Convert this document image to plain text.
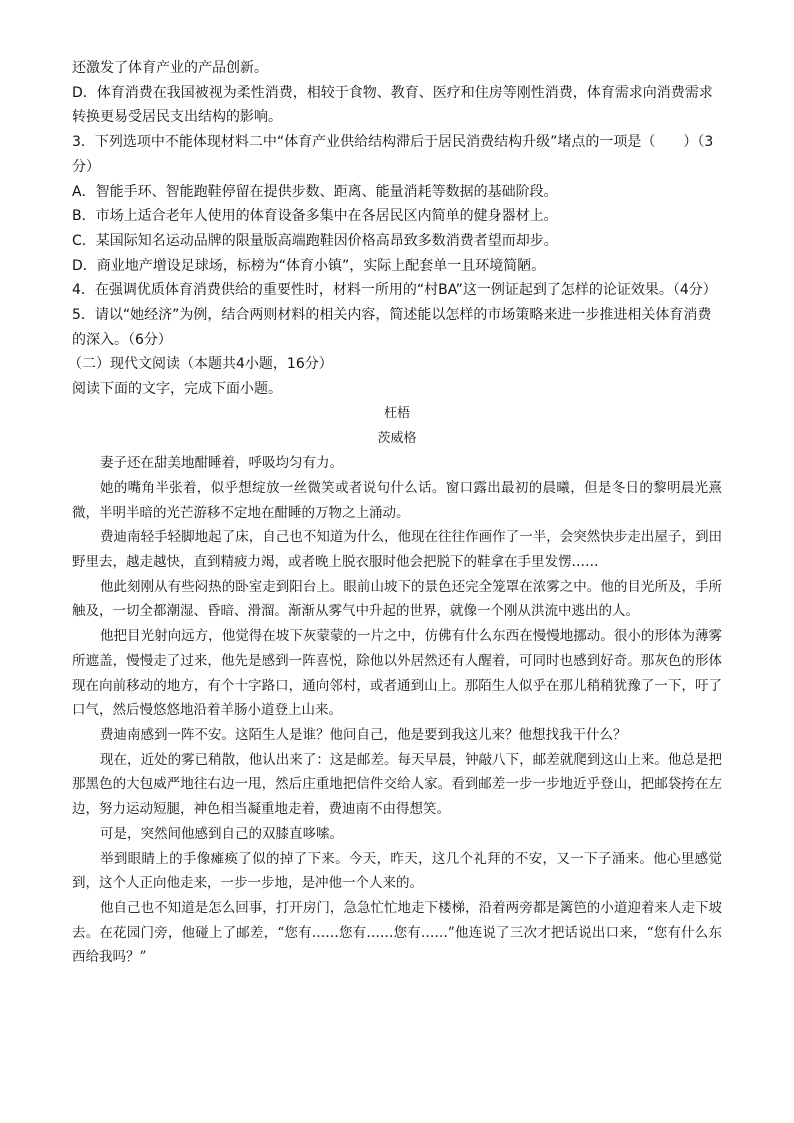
还激发了体育产业的产品创新。

D．体育消费在我国被视为柔性消费，相较于食物、教育、医疗和住房等刚性消费，体育需求向消费需求转换更易受居民支出结构的影响。

3．下列选项中不能体现材料二中“体育产业供给结构滞后于居民消费结构升级”堵点的一项是（　　）（3分）

A．智能手环、智能跑鞋停留在提供步数、距离、能量消耗等数据的基础阶段。

B．市场上适合老年人使用的体育设备多集中在各居民区内简单的健身器材上。

C．某国际知名运动品牌的限量版高端跑鞋因价格高昂致多数消费者望而却步。

D．商业地产增设足球场，标榜为“体育小镇”，实际上配套单一且环境简陋。

4．在强调优质体育消费供给的重要性时，材料一所用的“村BA”这一例证起到了怎样的论证效果。（4分）

5．请以“她经济”为例，结合两则材料的相关内容，简述能以怎样的市场策略来进一步推进相关体育消费的深入。（6分）

（二）现代文阅读（本题共4小题，16分）

阅读下面的文字，完成下面小题。

枉梧

茨威格

妻子还在甜美地酣睡着，呼吸均匀有力。

她的嘴角半张着，似乎想绽放一丝微笑或者说句什么话。窗口露出最初的晨曦，但是冬日的黎明晨光熹微，半明半暗的光芒游移不定地在酣睡的万物之上涌动。

费迪南轻手轻脚地起了床，自己也不知道为什么，他现在往往作画作了一半，会突然快步走出屋子，到田野里去，越走越快，直到精疲力竭，或者晚上脱衣服时他会把脱下的鞋拿在手里发愣……

他此刻刚从有些闷热的卧室走到阳台上。眼前山坡下的景色还完全笼罩在浓雾之中。他的目光所及，手所触及，一切全都潮湿、昏暗、滑溜。渐渐从雾气中升起的世界，就像一个刚从洪流中逃出的人。

他把目光射向远方，他觉得在坡下灰蒙蒙的一片之中，仿佛有什么东西在慢慢地挪动。很小的形体为薄雾所遮盖，慢慢走了过来，他先是感到一阵喜悦，除他以外居然还有人醒着，可同时也感到好奇。那灰色的形体现在向前移动的地方，有个十字路口，通向邻村，或者通到山上。那陌生人似乎在那儿稍稍犹豫了一下，吁了口气，然后慢悠悠地沿着羊肠小道登上山来。

费迪南感到一阵不安。这陌生人是谁？他问自己，他是要到我这儿来？他想找我干什么？

现在，近处的雾已稍散，他认出来了：这是邮差。每天早晨，钟敲八下，邮差就爬到这山上来。他总是把那黑色的大包威严地往右边一甩，然后庄重地把信件交给人家。看到邮差一步一步地近乎登山，把邮袋挎在左边，努力运动短腿，神色相当凝重地走着，费迪南不由得想笑。

可是，突然间他感到自己的双膝直哆嗦。

举到眼睛上的手像瘫痪了似的掉了下来。今天，昨天，这几个礼拜的不安，又一下子涌来。他心里感觉到，这个人正向他走来，一步一步地，是冲他一个人来的。

他自己也不知道是怎么回事，打开房门，急急忙忙地走下楼梯，沿着两旁都是篱笆的小道迎着来人走下坡去。在花园门旁，他碰上了邮差，“您有……您有……您有……”他连说了三次才把话说出口来，“您有什么东西给我吗？”
